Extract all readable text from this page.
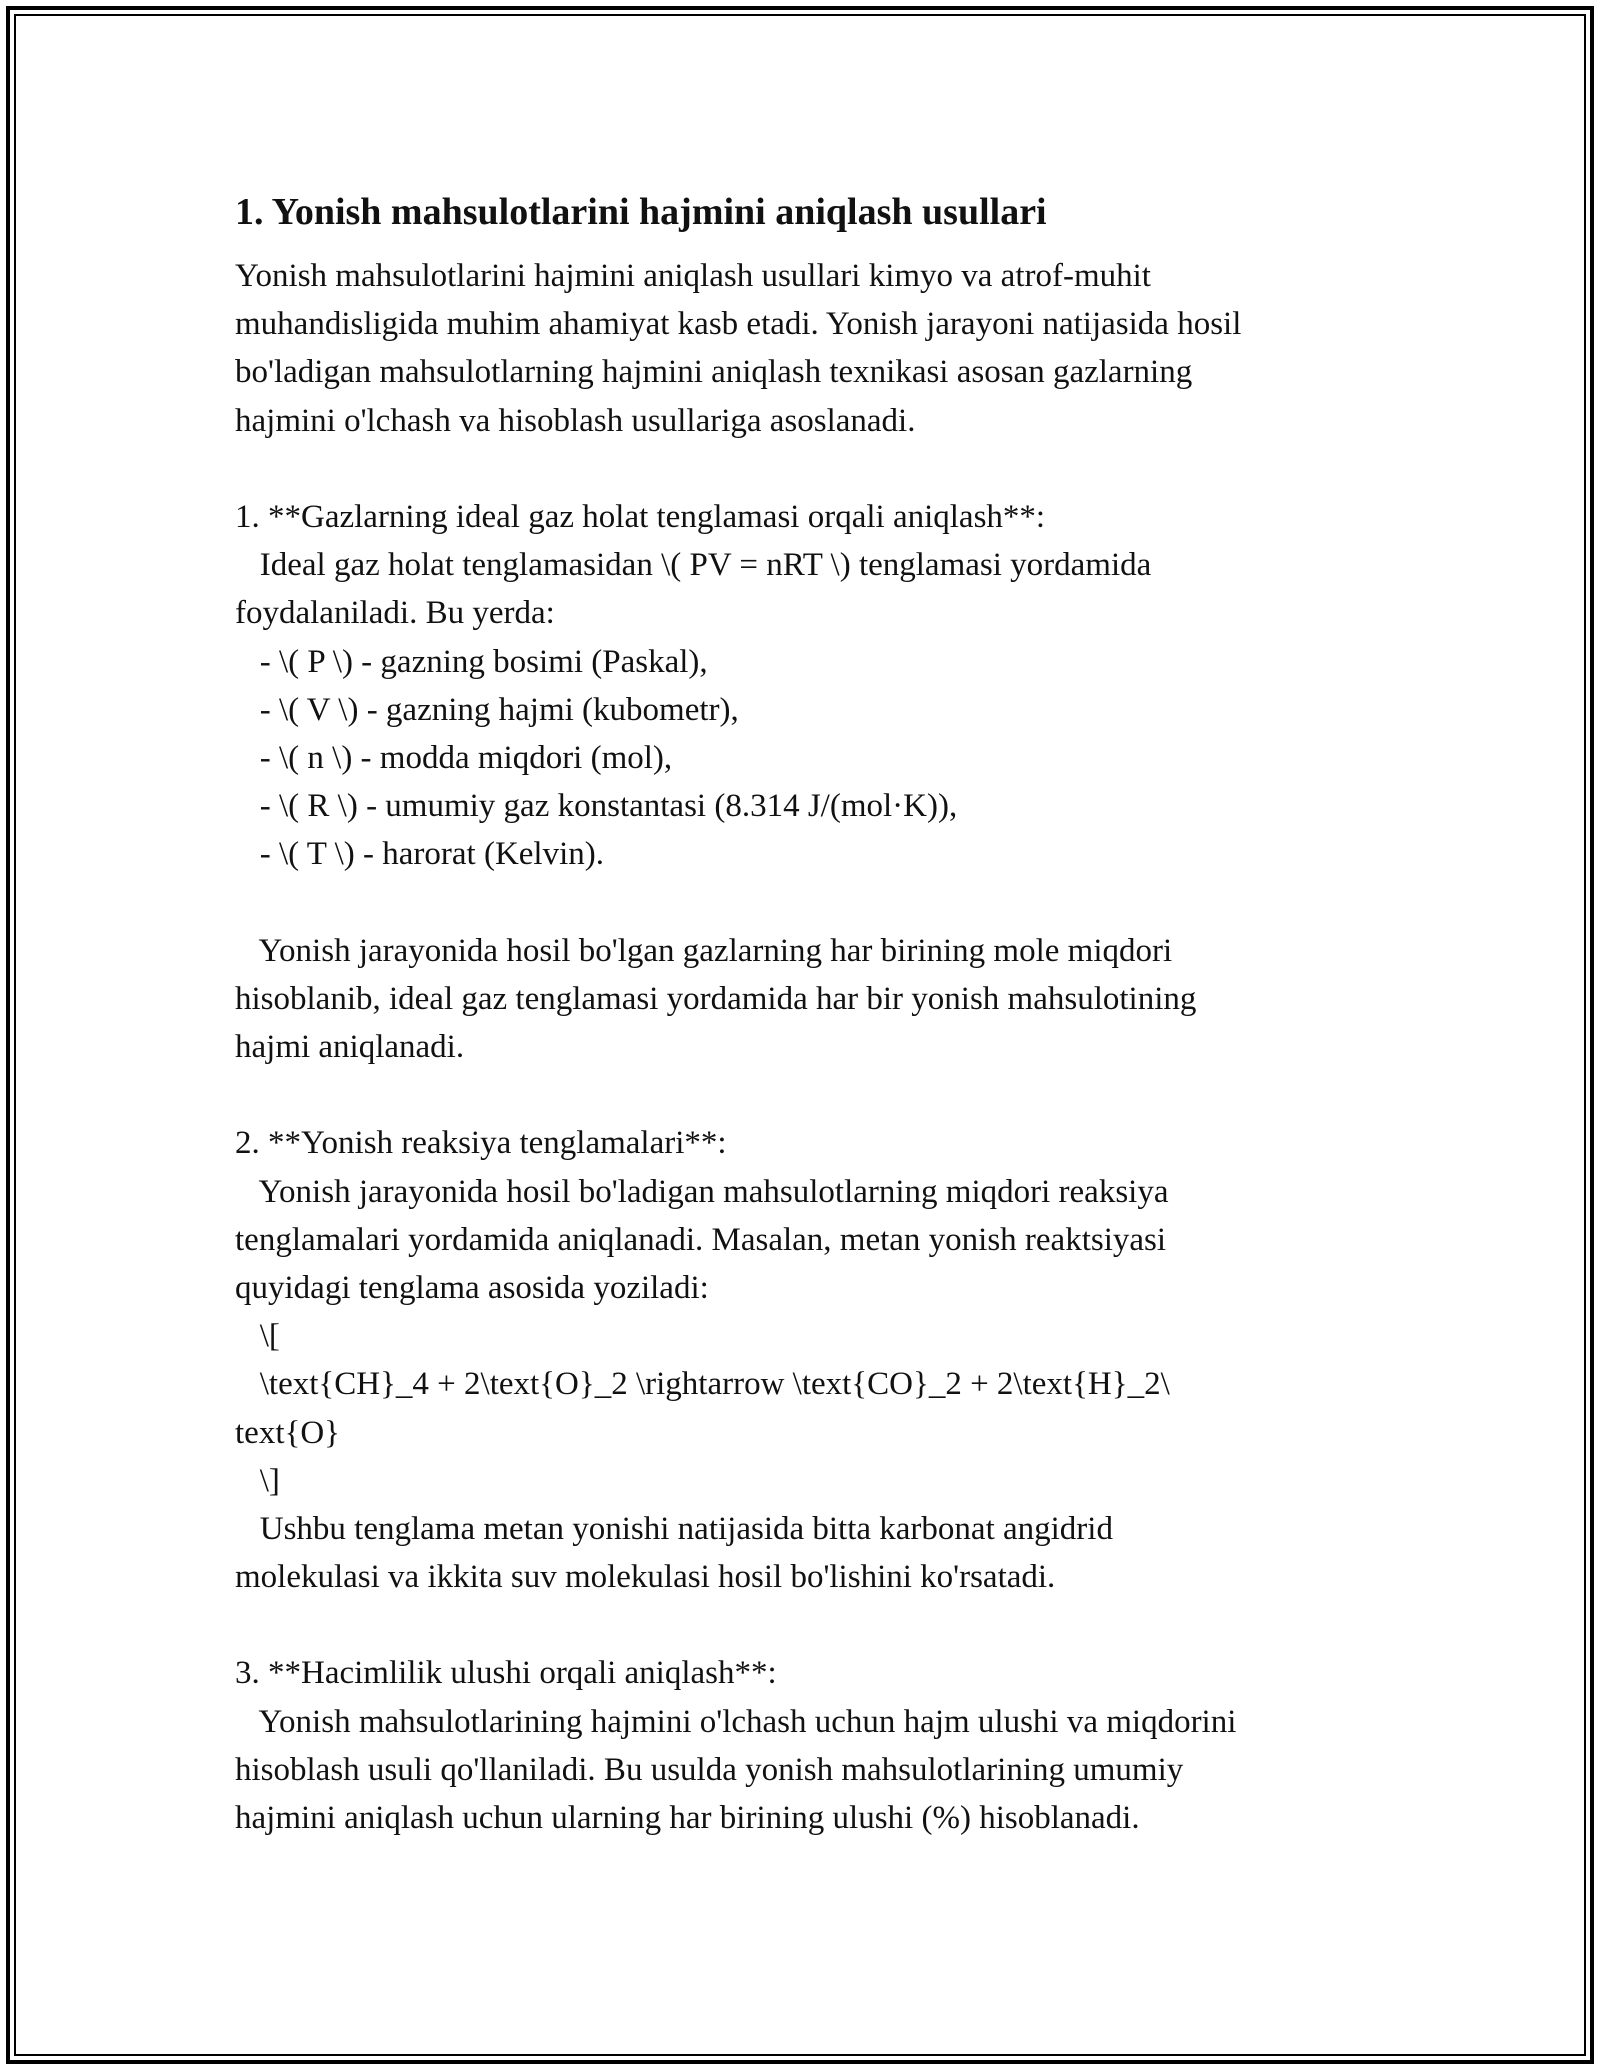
1. Yonish mahsulotlarini hajmini aniqlash usullari
Yonish mahsulotlarini hajmini aniqlash usullari kimyo va atrof-muhit
muhandisligida muhim ahamiyat kasb etadi. Yonish jarayoni natijasida hosil
bo'ladigan mahsulotlarning hajmini aniqlash texnikasi asosan gazlarning
hajmini o'lchash va hisoblash usullariga asoslanadi.
1. **Gazlarning ideal gaz holat tenglamasi orqali aniqlash**:
Ideal gaz holat tenglamasidan \( PV = nRT \) tenglamasi yordamida
foydalaniladi. Bu yerda:
- \( P \) - gazning bosimi (Paskal),
- \( V \) - gazning hajmi (kubometr),
- \( n \) - modda miqdori (mol),
- \( R \) - umumiy gaz konstantasi (8.314 J/(mol·K)),
- \( T \) - harorat (Kelvin).
Yonish jarayonida hosil bo'lgan gazlarning har birining mole miqdori
hisoblanib, ideal gaz tenglamasi yordamida har bir yonish mahsulotining
hajmi aniqlanadi.
2. **Yonish reaksiya tenglamalari**:
Yonish jarayonida hosil bo'ladigan mahsulotlarning miqdori reaksiya
tenglamalari yordamida aniqlanadi. Masalan, metan yonish reaktsiyasi
quyidagi tenglama asosida yoziladi:
\[
\text{CH}_4 + 2\text{O}_2 \rightarrow \text{CO}_2 + 2\text{H}_2\
text{O}
\]
Ushbu tenglama metan yonishi natijasida bitta karbonat angidrid
molekulasi va ikkita suv molekulasi hosil bo'lishini ko'rsatadi.
3. **Hacimlilik ulushi orqali aniqlash**:
Yonish mahsulotlarining hajmini o'lchash uchun hajm ulushi va miqdorini
hisoblash usuli qo'llaniladi. Bu usulda yonish mahsulotlarining umumiy
hajmini aniqlash uchun ularning har birining ulushi (%) hisoblanadi.
